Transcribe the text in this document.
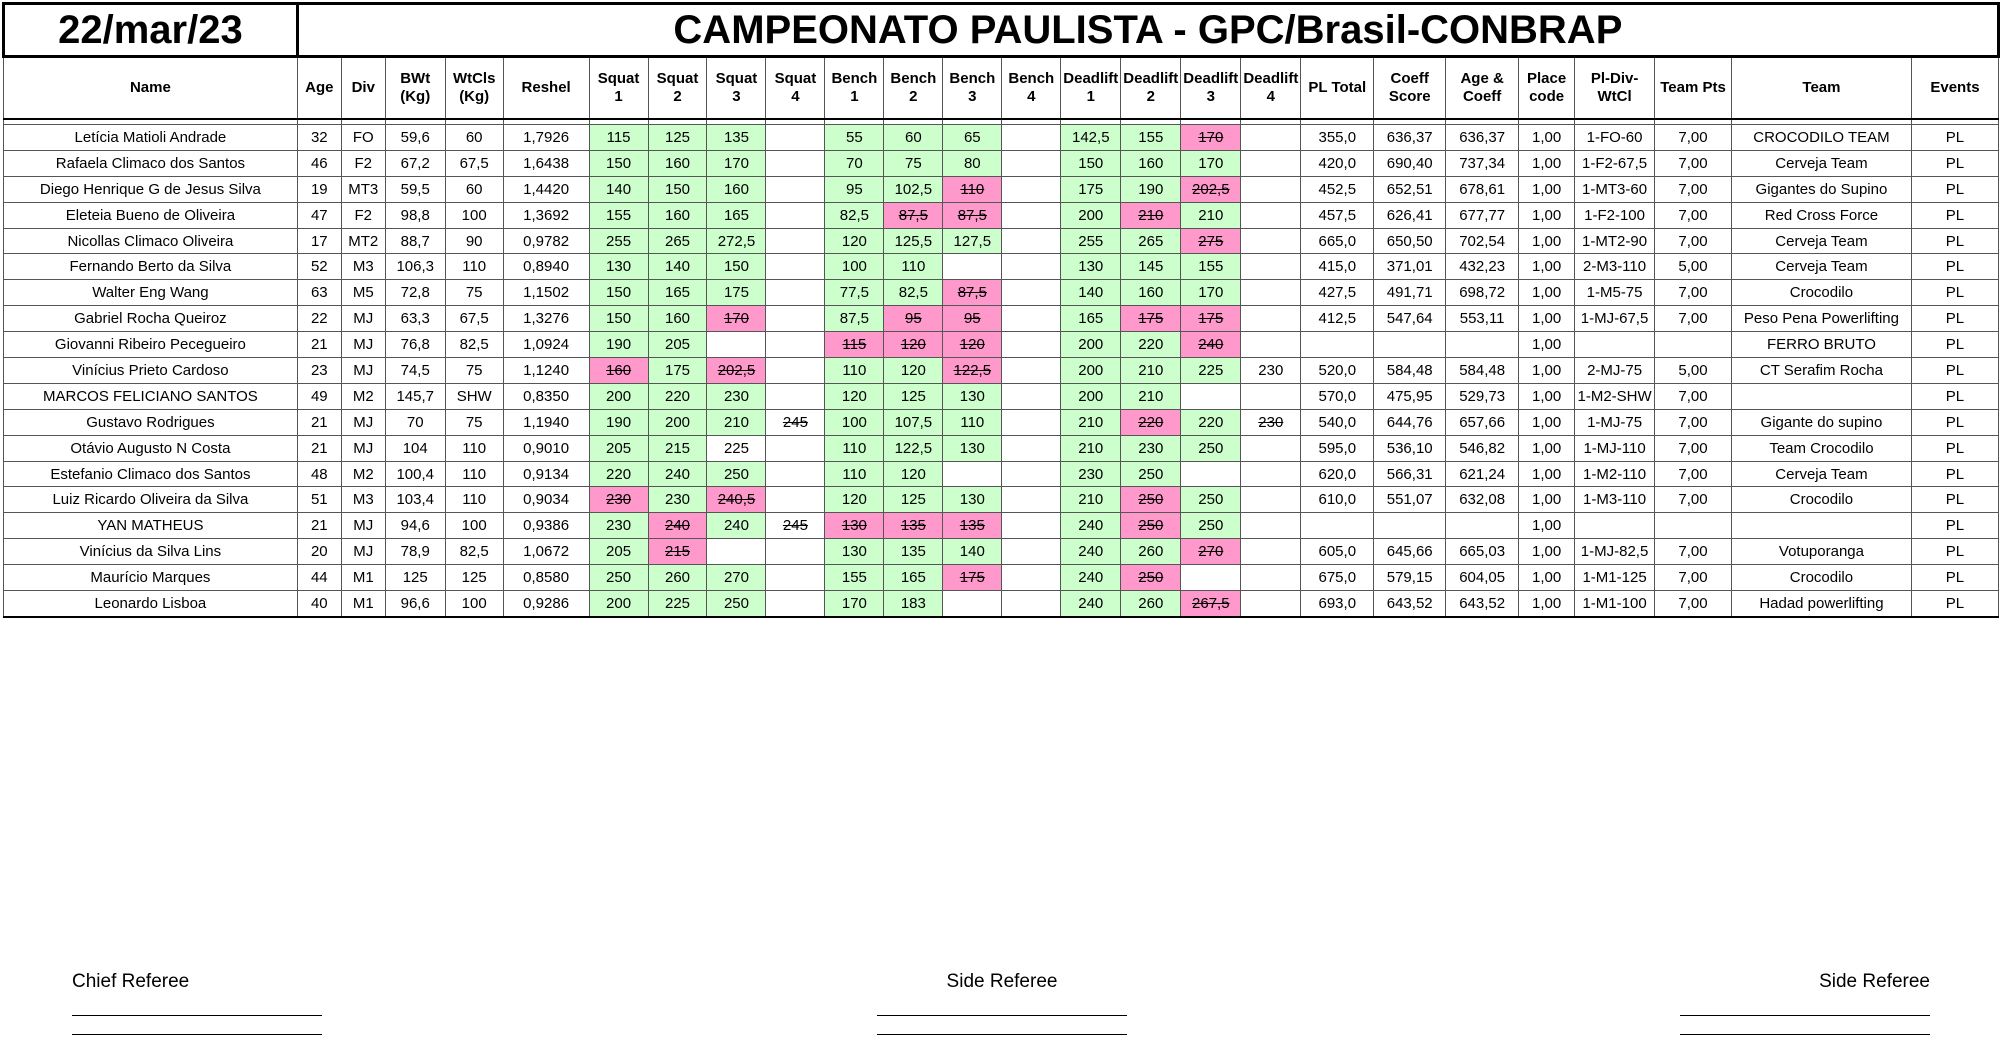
22/mar/23	CAMPEONATO PAULISTA - GPC/Brasil-CONBRAP																								
Name	Age	Div	BWt (Kg)	WtCls (Kg)	Reshel	Squat 1	Squat 2	Squat 3	Squat 4	Bench 1	Bench 2	Bench 3	Bench 4	Deadlift 1	Deadlift 2	Deadlift 3	Deadlift 4	PL Total	Coeff Score	Age & Coeff	Place code	Pl-Div-WtCl	Team Pts	Team	Events

Letícia Matioli Andrade	32	FO	59,6	60	1,7926	115	125	135		55	60	65		142,5	155	170		355,0	636,37	636,37	1,00	1-FO-60	7,00	CROCODILO TEAM	PL
Rafaela Climaco dos Santos	46	F2	67,2	67,5	1,6438	150	160	170		70	75	80		150	160	170		420,0	690,40	737,34	1,00	1-F2-67,5	7,00	Cerveja Team	PL
Diego Henrique G de Jesus Silva	19	MT3	59,5	60	1,4420	140	150	160		95	102,5	110		175	190	202,5		452,5	652,51	678,61	1,00	1-MT3-60	7,00	Gigantes do Supino	PL
Eleteia Bueno de Oliveira	47	F2	98,8	100	1,3692	155	160	165		82,5	87,5	87,5		200	210	210		457,5	626,41	677,77	1,00	1-F2-100	7,00	Red Cross Force	PL
Nicollas Climaco Oliveira	17	MT2	88,7	90	0,9782	255	265	272,5		120	125,5	127,5		255	265	275		665,0	650,50	702,54	1,00	1-MT2-90	7,00	Cerveja Team	PL
Fernando Berto da Silva	52	M3	106,3	110	0,8940	130	140	150		100	110			130	145	155		415,0	371,01	432,23	1,00	2-M3-110	5,00	Cerveja Team	PL
Walter Eng Wang	63	M5	72,8	75	1,1502	150	165	175		77,5	82,5	87,5		140	160	170		427,5	491,71	698,72	1,00	1-M5-75	7,00	Crocodilo	PL
Gabriel Rocha Queiroz	22	MJ	63,3	67,5	1,3276	150	160	170		87,5	95	95		165	175	175		412,5	547,64	553,11	1,00	1-MJ-67,5	7,00	Peso Pena Powerlifting	PL
Giovanni Ribeiro Pecegueiro	21	MJ	76,8	82,5	1,0924	190	205			115	120	120		200	220	240					1,00			FERRO BRUTO	PL
Vinícius Prieto Cardoso	23	MJ	74,5	75	1,1240	160	175	202,5		110	120	122,5		200	210	225	230	520,0	584,48	584,48	1,00	2-MJ-75	5,00	CT Serafim Rocha	PL
MARCOS FELICIANO SANTOS	49	M2	145,7	SHW	0,8350	200	220	230		120	125	130		200	210			570,0	475,95	529,73	1,00	1-M2-SHW	7,00		PL
Gustavo Rodrigues	21	MJ	70	75	1,1940	190	200	210	245	100	107,5	110		210	220	220	230	540,0	644,76	657,66	1,00	1-MJ-75	7,00	Gigante do supino	PL
Otávio Augusto N Costa	21	MJ	104	110	0,9010	205	215	225		110	122,5	130		210	230	250		595,0	536,10	546,82	1,00	1-MJ-110	7,00	Team Crocodilo	PL
Estefanio Climaco dos Santos	48	M2	100,4	110	0,9134	220	240	250		110	120			230	250			620,0	566,31	621,24	1,00	1-M2-110	7,00	Cerveja Team	PL
Luiz Ricardo Oliveira da Silva	51	M3	103,4	110	0,9034	230	230	240,5		120	125	130		210	250	250		610,0	551,07	632,08	1,00	1-M3-110	7,00	Crocodilo	PL
YAN MATHEUS	21	MJ	94,6	100	0,9386	230	240	240	245	130	135	135		240	250	250					1,00				PL
Vinícius da Silva Lins	20	MJ	78,9	82,5	1,0672	205	215			130	135	140		240	260	270		605,0	645,66	665,03	1,00	1-MJ-82,5	7,00	Votuporanga	PL
Maurício Marques	44	M1	125	125	0,8580	250	260	270		155	165	175		240	250			675,0	579,15	604,05	1,00	1-M1-125	7,00	Crocodilo	PL
Leonardo Lisboa	40	M1	96,6	100	0,9286	200	225	250		170	183			240	260	267,5		693,0	643,52	643,52	1,00	1-M1-100	7,00	Hadad powerlifting	PL
Chief Referee	Side Referee	Side Referee
